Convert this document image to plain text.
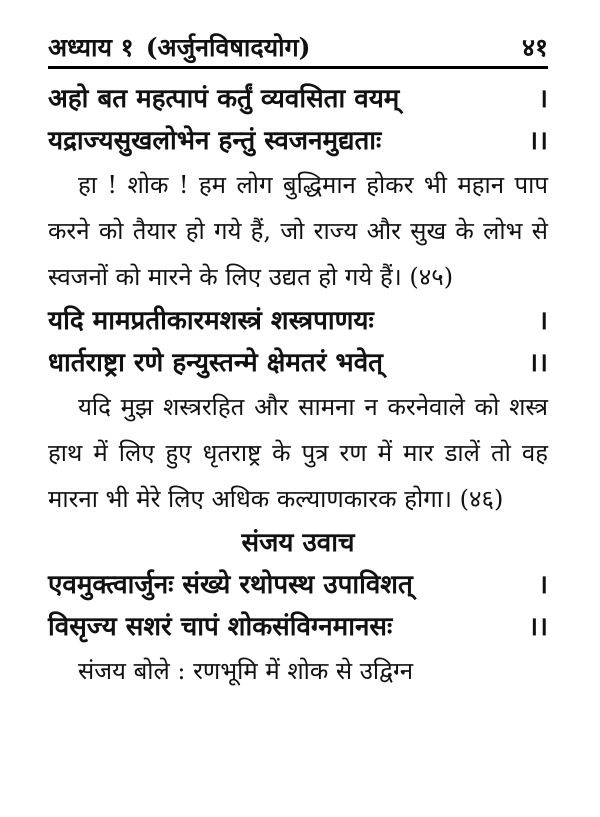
अध्याय १ (अर्जुनविषादयोग)	४१
अहो बत महत्पापं कर्तुं व्यवसिता वयम्	।
यद्राज्यसुखलोभेन हन्तुं स्वजनमुद्यताः	।।
हा ! शोक ! हम लोग बुद्धिमान होकर भी महान पाप करने को तैयार हो गये हैं, जो राज्य और सुख के लोभ से स्वजनों को मारने के लिए उद्यत हो गये हैं। (४५)
यदि मामप्रतीकारमशस्त्रं शस्त्रपाणयः	।
धार्तराष्ट्रा रणे हन्युस्तन्मे क्षेमतरं भवेत्	।।
यदि मुझ शस्त्ररहित और सामना न करनेवाले को शस्त्र हाथ में लिए हुए धृतराष्ट्र के पुत्र रण में मार डालें तो वह मारना भी मेरे लिए अधिक कल्याणकारक होगा। (४६)
संजय उवाच
एवमुक्त्वार्जुनः संख्ये रथोपस्थ उपाविशत्	।
विसृज्य सशरं चापं शोकसंविग्नमानसः	।।
संजय बोले : रणभूमि में शोक से उद्विग्न
